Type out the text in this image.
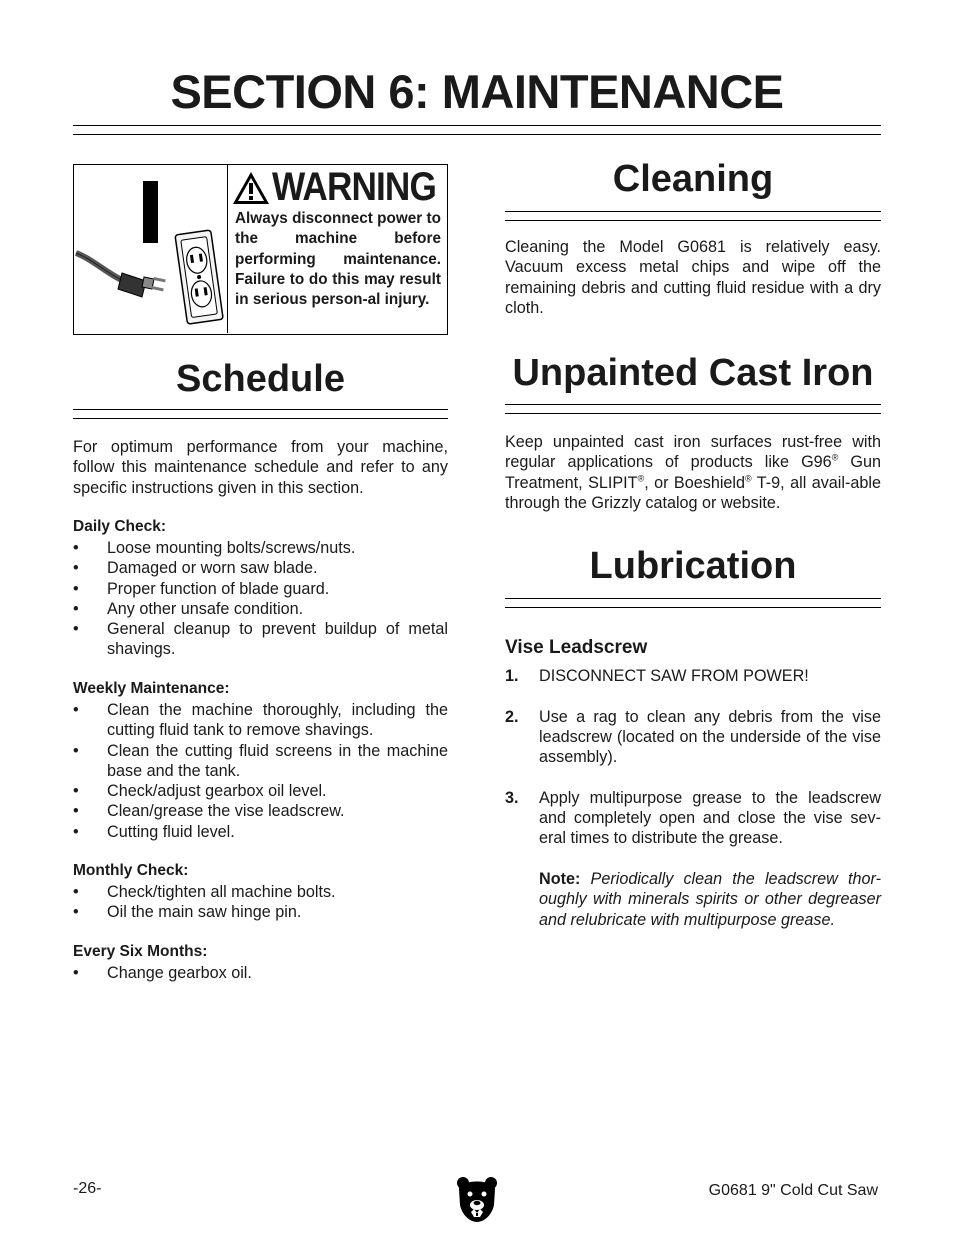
SECTION 6: MAINTENANCE
WARNING
Always disconnect power to the machine before performing maintenance. Failure to do this may result in serious person-al injury.
Schedule
For optimum performance from your machine, follow this maintenance schedule and refer to any specific instructions given in this section.
Daily Check:
• Loose mounting bolts/screws/nuts.
• Damaged or worn saw blade.
• Proper function of blade guard.
• Any other unsafe condition.
• General cleanup to prevent buildup of metal shavings.
Weekly Maintenance:
• Clean the machine thoroughly, including the cutting fluid tank to remove shavings.
• Clean the cutting fluid screens in the machine base and the tank.
• Check/adjust gearbox oil level.
• Clean/grease the vise leadscrew.
• Cutting fluid level.
Monthly Check:
• Check/tighten all machine bolts.
• Oil the main saw hinge pin.
Every Six Months:
• Change gearbox oil.
Cleaning
Cleaning the Model G0681 is relatively easy. Vacuum excess metal chips and wipe off the remaining debris and cutting fluid residue with a dry cloth.
Unpainted Cast Iron
Keep unpainted cast iron surfaces rust-free with regular applications of products like G96® Gun Treatment, SLIPIT®, or Boeshield® T-9, all avail-able through the Grizzly catalog or website.
Lubrication
Vise Leadscrew
1. DISCONNECT SAW FROM POWER!
2. Use a rag to clean any debris from the vise leadscrew (located on the underside of the vise assembly).
3. Apply multipurpose grease to the leadscrew and completely open and close the vise sev-eral times to distribute the grease.
Note: Periodically clean the leadscrew thor-oughly with minerals spirits or other degreaser and relubricate with multipurpose grease.
-26-	G0681 9" Cold Cut Saw
